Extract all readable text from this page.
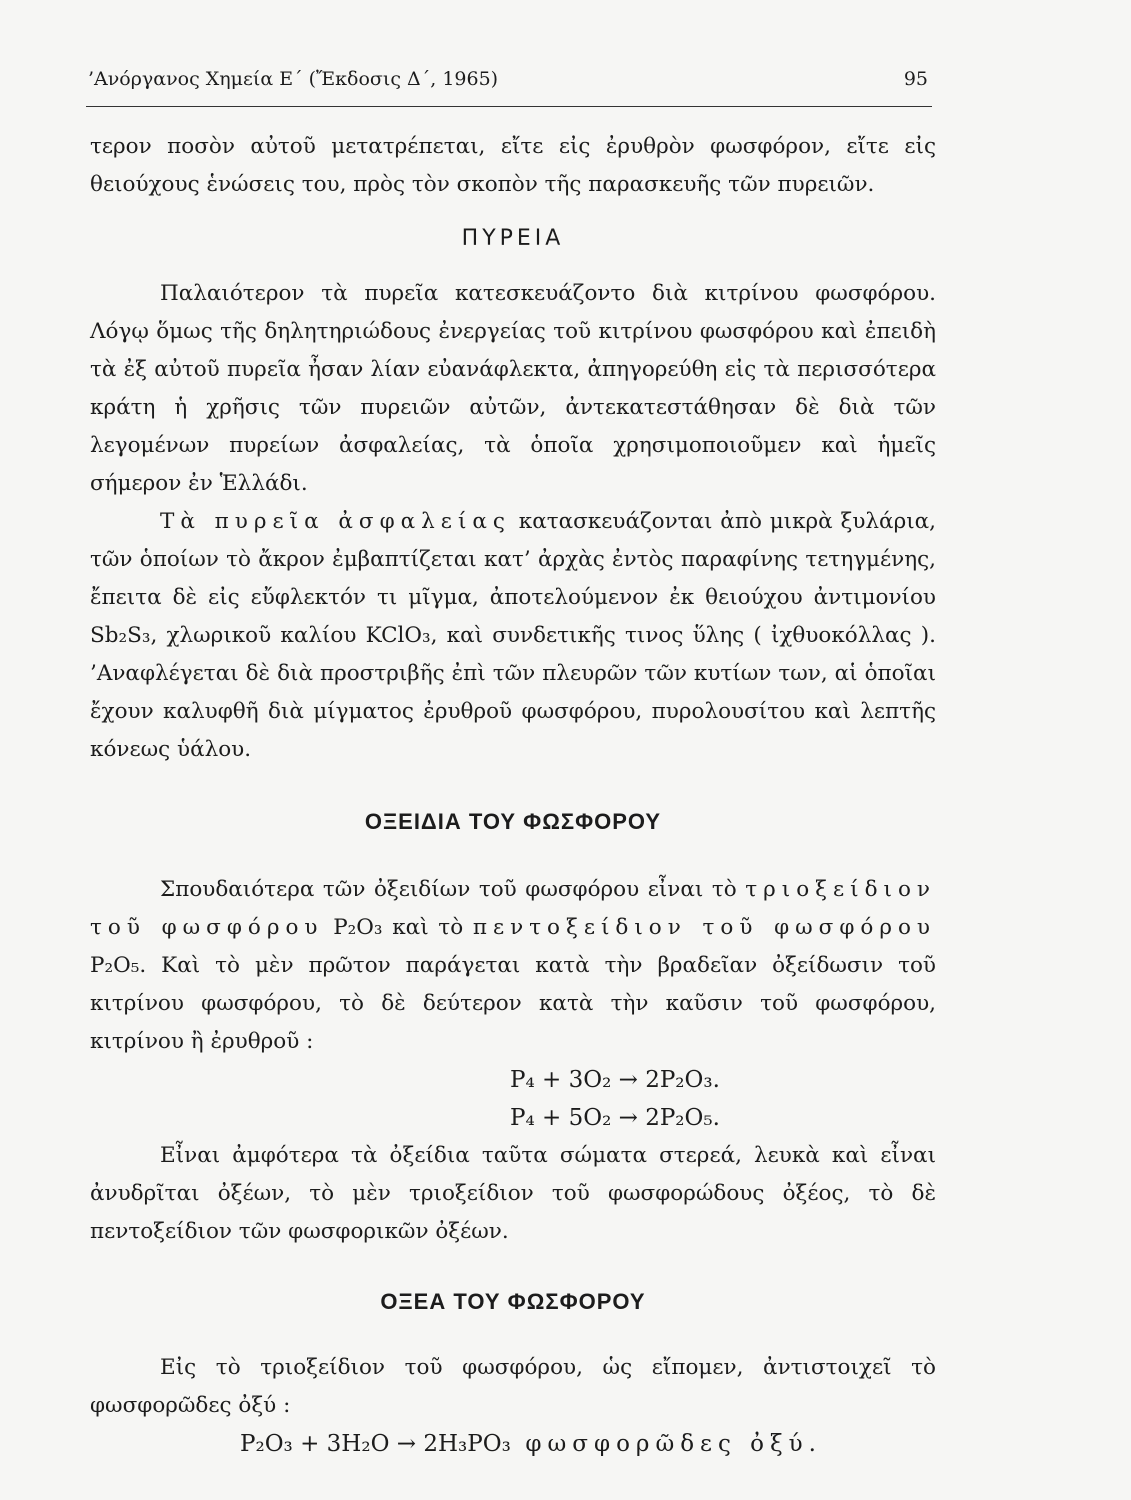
’Ανόργανος Χημεία Ε΄ (Ἔκδοσις Δ΄, 1965)	95

τερον ποσὸν αὐτοῦ μετατρέπεται, εἴτε εἰς ἐρυθρὸν φωσφόρον, εἴτε εἰς θειούχους ἑνώσεις του, πρὸς τὸν σκοπὸν τῆς παρασκευῆς τῶν πυρειῶν.

ΠΥΡΕΙΑ

Παλαιότερον τὰ πυρεῖα κατεσκευάζοντο διὰ κιτρίνου φωσφόρου. Λόγῳ ὅμως τῆς δηλητηριώδους ἐνεργείας τοῦ κιτρίνου φωσφόρου καὶ ἐπειδὴ τὰ ἐξ αὐτοῦ πυρεῖα ἦσαν λίαν εὐανάφλεκτα, ἀπηγορεύθη εἰς τὰ περισσότερα κράτη ἡ χρῆσις τῶν πυρειῶν αὐτῶν, ἀντεκατεστάθησαν δὲ διὰ τῶν λεγομένων πυρείων ἀσφαλείας, τὰ ὁποῖα χρησιμοποιοῦμεν καὶ ἡμεῖς σήμερον ἐν Ἑλλάδι.

Τὰ πυρεῖα ἀσφαλείας κατασκευάζονται ἀπὸ μικρὰ ξυλάρια, τῶν ὁποίων τὸ ἄκρον ἐμβαπτίζεται κατ’ ἀρχὰς ἐντὸς παραφίνης τετηγμένης, ἔπειτα δὲ εἰς εὔφλεκτόν τι μῖγμα, ἀποτελούμενον ἐκ θειούχου ἀντιμονίου Sb₂S₃, χλωρικοῦ καλίου KClO₃, καὶ συνδετικῆς τινος ὕλης ( ἰχθυοκόλλας ). ’Αναφλέγεται δὲ διὰ προστριβῆς ἐπὶ τῶν πλευρῶν τῶν κυτίων των, αἱ ὁποῖαι ἔχουν καλυφθῆ διὰ μίγματος ἐρυθροῦ φωσφόρου, πυρολουσίτου καὶ λεπτῆς κόνεως ὑάλου.

ΟΞΕΙΔΙΑ ΤΟΥ ΦΩΣΦΟΡΟΥ

Σπουδαιότερα τῶν ὀξειδίων τοῦ φωσφόρου εἶναι τὸ τριοξείδιον τοῦ φωσφόρου P₂O₃ καὶ τὸ πεντοξείδιον τοῦ φωσφόρου P₂O₅. Καὶ τὸ μὲν πρῶτον παράγεται κατὰ τὴν βραδεῖαν ὀξείδωσιν τοῦ κιτρίνου φωσφόρου, τὸ δὲ δεύτερον κατὰ τὴν καῦσιν τοῦ φωσφόρου, κιτρίνου ἢ ἐρυθροῦ :

P₄ + 3O₂ → 2P₂O₃.
P₄ + 5O₂ → 2P₂O₅.

Εἶναι ἀμφότερα τὰ ὀξείδια ταῦτα σώματα στερεά, λευκὰ καὶ εἶναι ἀνυδρῖται ὀξέων, τὸ μὲν τριοξείδιον τοῦ φωσφορώδους ὀξέος, τὸ δὲ πεντοξείδιον τῶν φωσφορικῶν ὀξέων.

ΟΞΕΑ ΤΟΥ ΦΩΣΦΟΡΟΥ

Εἰς τὸ τριοξείδιον τοῦ φωσφόρου, ὡς εἴπομεν, ἀντιστοιχεῖ τὸ φωσφορῶδες ὀξύ :

P₂O₃ + 3H₂O → 2H₃PO₃ φωσφορῶδες ὀξύ.
